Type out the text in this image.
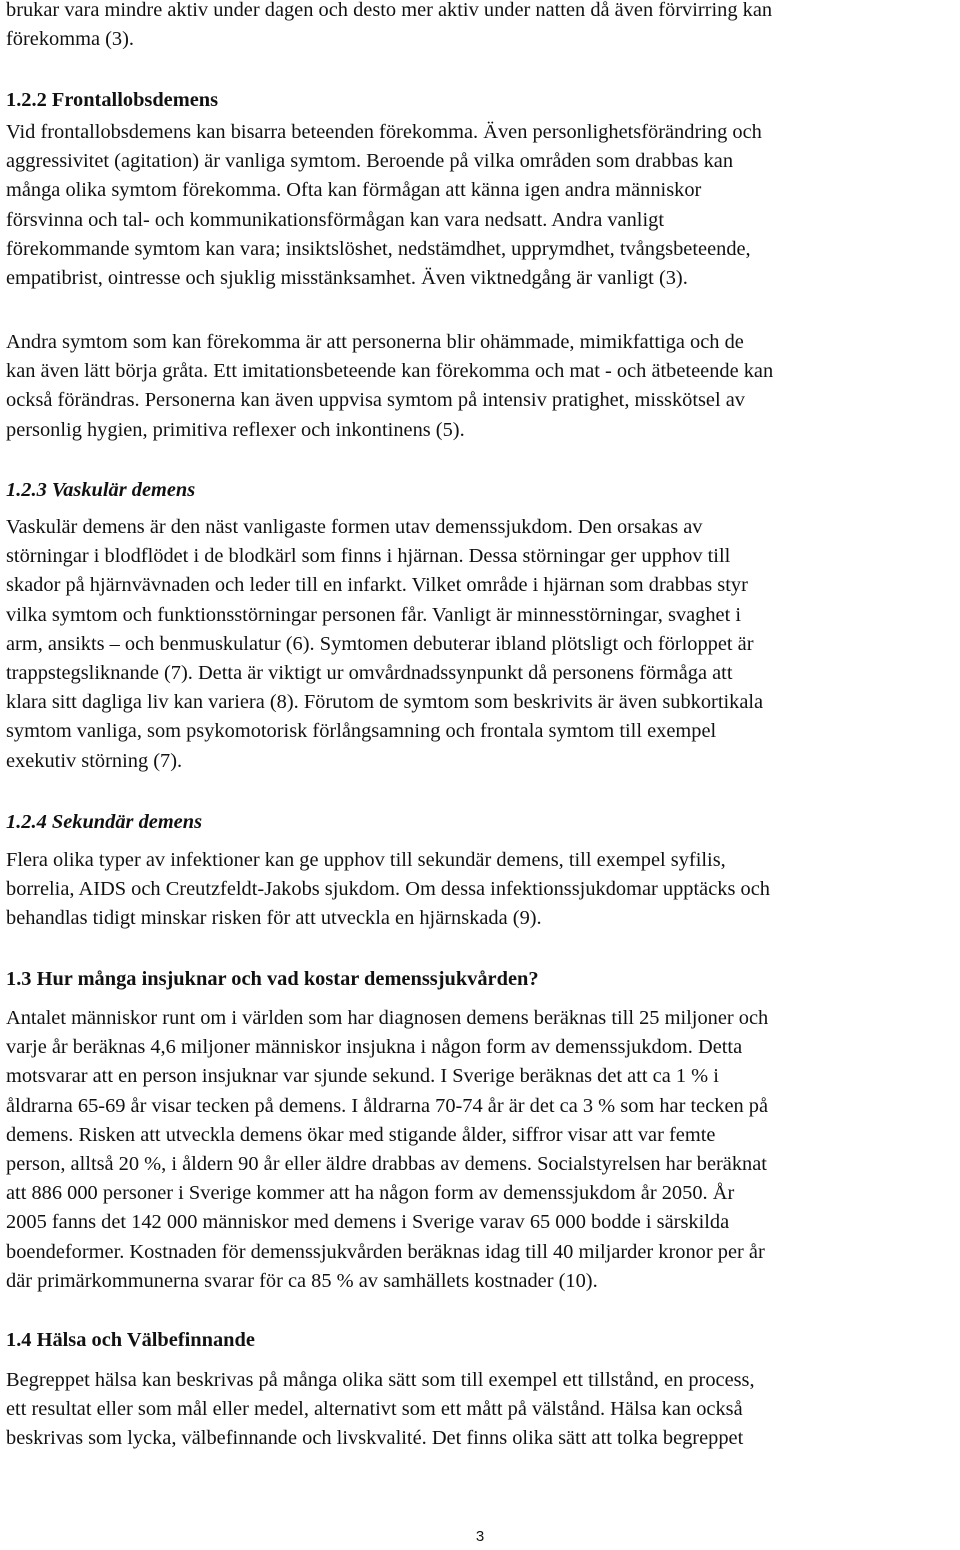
brukar vara mindre aktiv under dagen och desto mer aktiv under natten då även förvirring kan
förekomma (3).
1.2.2 Frontallobsdemens
Vid frontallobsdemens kan bisarra beteenden förekomma. Även personlighetsförändring och
aggressivitet (agitation) är vanliga symtom. Beroende på vilka områden som drabbas kan
många olika symtom förekomma. Ofta kan förmågan att känna igen andra människor
försvinna och tal- och kommunikationsförmågan kan vara nedsatt. Andra vanligt
förekommande symtom kan vara; insiktslöshet, nedstämdhet, upprymdhet, tvångsbeteende,
empatibrist, ointresse och sjuklig misstänksamhet. Även viktnedgång är vanligt (3).
Andra symtom som kan förekomma är att personerna blir ohämmade, mimikfattiga och de
kan även lätt börja gråta. Ett imitationsbeteende kan förekomma och mat - och ätbeteende kan
också förändras. Personerna kan även uppvisa symtom på intensiv pratighet, misskötsel av
personlig hygien, primitiva reflexer och inkontinens (5).
1.2.3 Vaskulär demens
Vaskulär demens är den näst vanligaste formen utav demenssjukdom. Den orsakas av
störningar i blodflödet i de blodkärl som finns i hjärnan. Dessa störningar ger upphov till
skador på hjärnvävnaden och leder till en infarkt. Vilket område i hjärnan som drabbas styr
vilka symtom och funktionsstörningar personen får. Vanligt är minnesstörningar, svaghet i
arm, ansikts – och benmuskulatur (6). Symtomen debuterar ibland plötsligt och förloppet är
trappstegsliknande (7). Detta är viktigt ur omvårdnadssynpunkt då personens förmåga att
klara sitt dagliga liv kan variera (8). Förutom de symtom som beskrivits är även subkortikala
symtom vanliga, som psykomotorisk förlångsamning och frontala symtom till exempel
exekutiv störning (7).
1.2.4 Sekundär demens
Flera olika typer av infektioner kan ge upphov till sekundär demens, till exempel syfilis,
borrelia, AIDS och Creutzfeldt-Jakobs sjukdom. Om dessa infektionssjukdomar upptäcks och
behandlas tidigt minskar risken för att utveckla en hjärnskada (9).
1.3 Hur många insjuknar och vad kostar demenssjukvården?
Antalet människor runt om i världen som har diagnosen demens beräknas till 25 miljoner och
varje år beräknas 4,6 miljoner människor insjukna i någon form av demenssjukdom. Detta
motsvarar att en person insjuknar var sjunde sekund. I Sverige beräknas det att ca 1 % i
åldrarna 65-69 år visar tecken på demens. I åldrarna 70-74 år är det ca 3 % som har tecken på
demens. Risken att utveckla demens ökar med stigande ålder, siffror visar att var femte
person, alltså 20 %, i åldern 90 år eller äldre drabbas av demens. Socialstyrelsen har beräknat
att 886 000 personer i Sverige kommer att ha någon form av demenssjukdom år 2050. År
2005 fanns det 142 000 människor med demens i Sverige varav 65 000 bodde i särskilda
boendeformer. Kostnaden för demenssjukvården beräknas idag till 40 miljarder kronor per år
där primärkommunerna svarar för ca 85 % av samhällets kostnader (10).
1.4 Hälsa och Välbefinnande
Begreppet hälsa kan beskrivas på många olika sätt som till exempel ett tillstånd, en process,
ett resultat eller som mål eller medel, alternativt som ett mått på välstånd. Hälsa kan också
beskrivas som lycka, välbefinnande och livskvalité. Det finns olika sätt att tolka begreppet
3
